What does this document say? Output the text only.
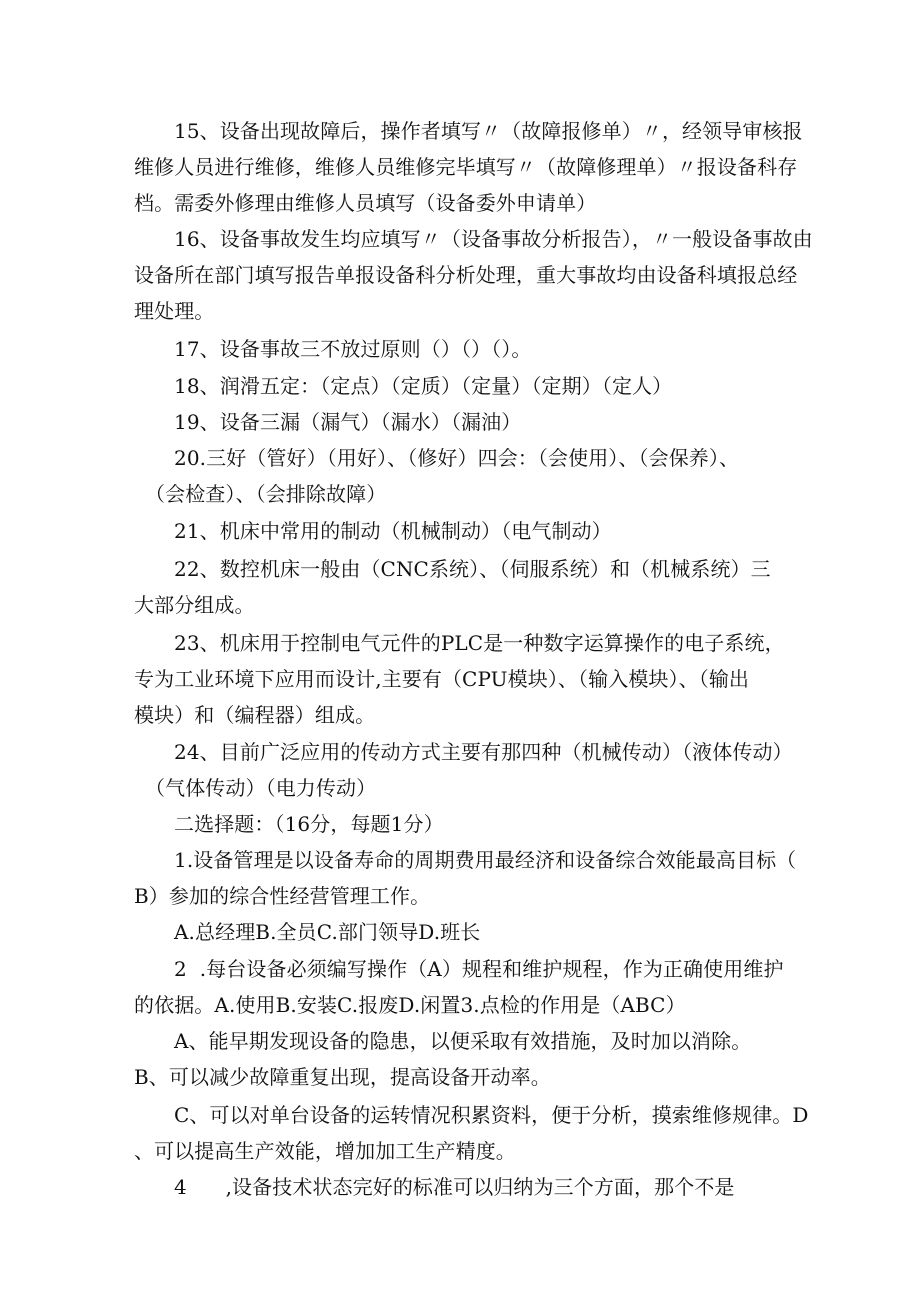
15、设备出现故障后，操作者填写〃（故障报修单）〃，经领导审核报
维修人员进行维修，维修人员维修完毕填写〃（故障修理单）〃报设备科存
档。需委外修理由维修人员填写（设备委外申请单）
16、设备事故发生均应填写〃（设备事故分析报告），〃一般设备事故由
设备所在部门填写报告单报设备科分析处理，重大事故均由设备科填报总经
理处理。
17、设备事故三不放过原则（）（）（）。
18、润滑五定：（定点）（定质）（定量）（定期）（定人）
19、设备三漏（漏气）（漏水）（漏油）
20.三好（管好）（用好）、（修好）四会：（会使用）、（会保养）、
（会检查）、（会排除故障）
21、机床中常用的制动（机械制动）（电气制动）
22、数控机床一般由（CNC系统）、（伺服系统）和（机械系统）三
大部分组成。
23、机床用于控制电气元件的PLC是一种数字运算操作的电子系统，
专为工业环境下应用而设计,主要有（CPU模块）、（输入模块）、（输出
模块）和（编程器）组成。
24、目前广泛应用的传动方式主要有那四种（机械传动）（液体传动）
（气体传动）（电力传动）
二选择题：（16分，每题1分）
1.设备管理是以设备寿命的周期费用最经济和设备综合效能最高目标（
B）参加的综合性经营管理工作。
A.总经理B.全员C.部门领导D.班长
2  .每台设备必须编写操作（A）规程和维护规程，作为正确使用维护
的依据。A.使用B.安装C.报废D.闲置3.点检的作用是（ABC）
A、能早期发现设备的隐患，以便采取有效措施，及时加以消除。
B、可以减少故障重复出现，提高设备开动率。
C、可以对单台设备的运转情况积累资料，便于分析，摸索维修规律。D
、可以提高生产效能，增加加工生产精度。
4      ,设备技术状态完好的标准可以归纳为三个方面，那个不是
